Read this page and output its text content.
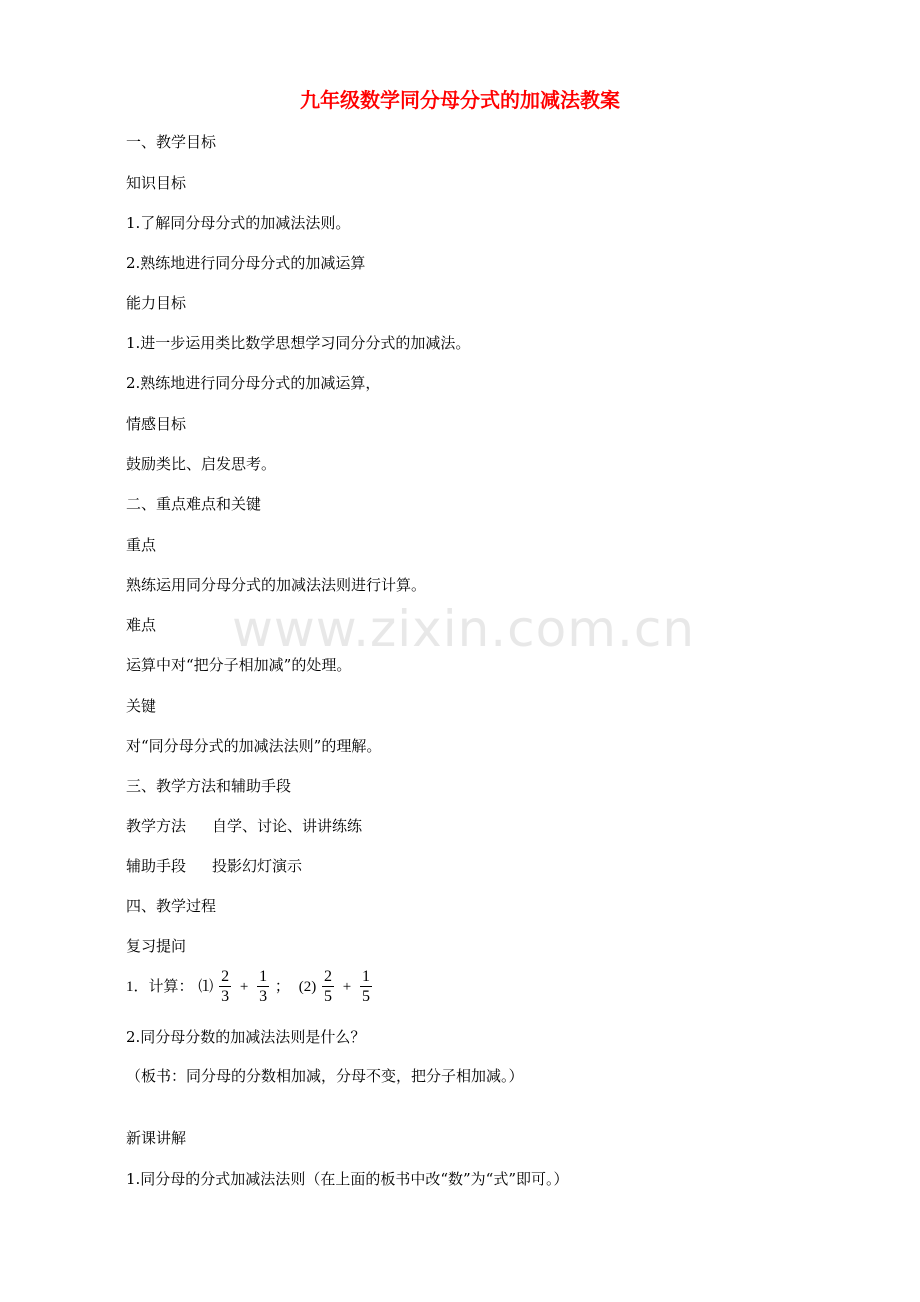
九年级数学同分母分式的加减法教案

一、教学目标

知识目标

1.了解同分母分式的加减法法则。

2.熟练地进行同分母分式的加减运算

能力目标

1.进一步运用类比数学思想学习同分分式的加减法。

2.熟练地进行同分母分式的加减运算，

情感目标

鼓励类比、启发思考。

二、重点难点和关键

重点

熟练运用同分母分式的加减法法则进行计算。

难点

运算中对“把分子相加减”的处理。

关键

对“同分母分式的加减法法则”的理解。

三、教学方法和辅助手段

教学方法 自学、讨论、讲讲练练

辅助手段 投影幻灯演示

四、教学过程

复习提问

1．计算： ⑴ $\frac{2}{3} + \frac{1}{3}$ ； $(2) \frac{2}{5} + \frac{1}{5}$

2.同分母分数的加减法法则是什么？

（板书：同分母的分数相加减，分母不变，把分子相加减。）

新课讲解

1.同分母的分式加减法法则（在上面的板书中改“数”为“式”即可。）

www.zixin.com.cn
